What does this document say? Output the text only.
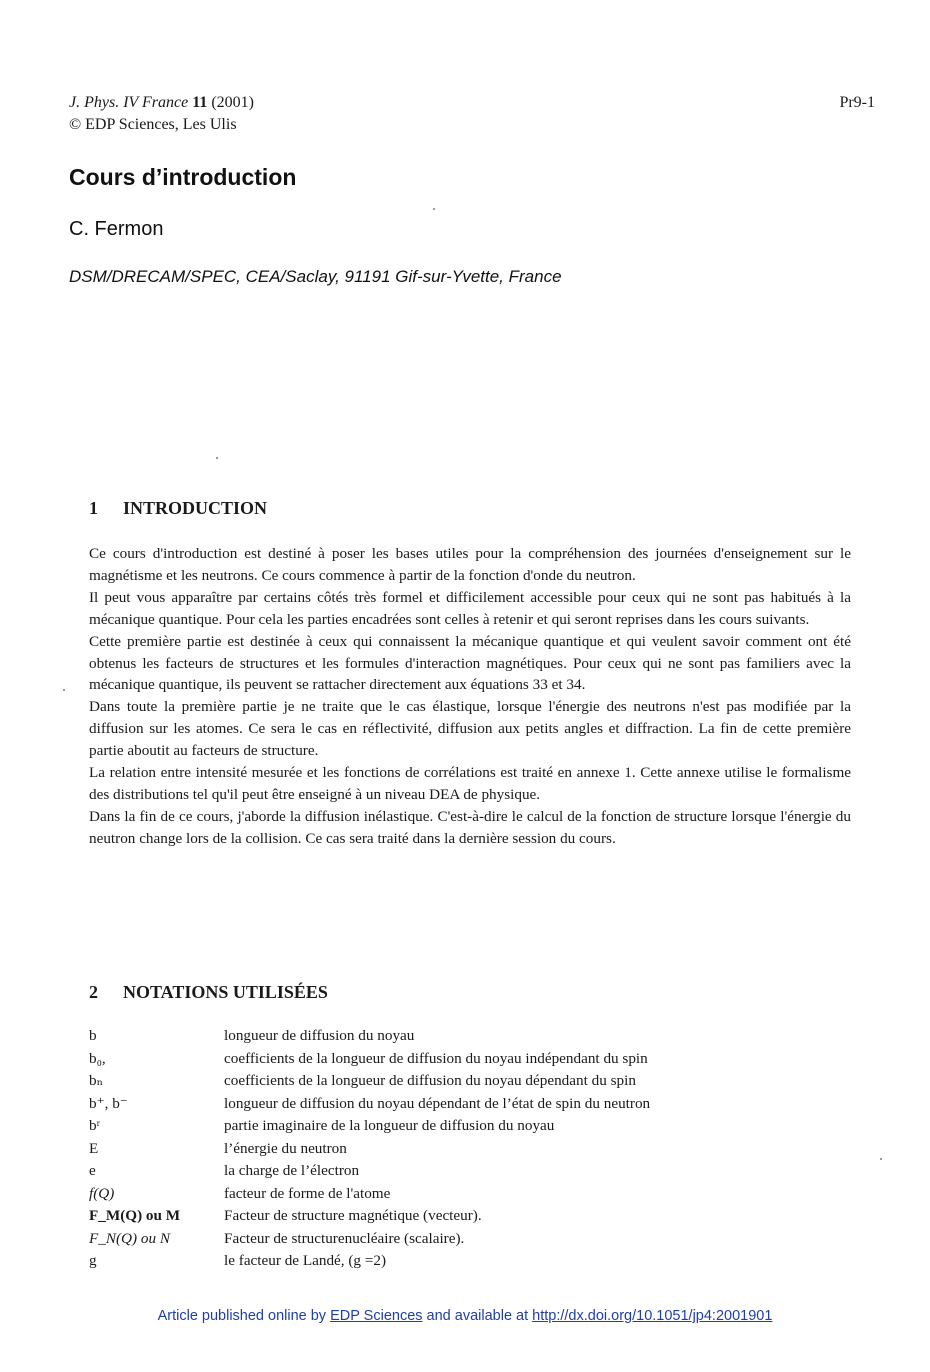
J. Phys. IV France 11 (2001)
© EDP Sciences, Les Ulis
Pr9-1
Cours d’introduction
C. Fermon
DSM/DRECAM/SPEC, CEA/Saclay, 91191 Gif-sur-Yvette, France
1 INTRODUCTION

Ce cours d'introduction est destiné à poser les bases utiles pour la compréhension des journées d'enseignement sur le magnétisme et les neutrons. Ce cours commence à partir de la fonction d'onde du neutron.

Il peut vous apparaître par certains côtés très formel et difficilement accessible pour ceux qui ne sont pas habitués à la mécanique quantique. Pour cela les parties encadrées sont celles à retenir et qui seront reprises dans les cours suivants.

Cette première partie est destinée à ceux qui connaissent la mécanique quantique et qui veulent savoir comment ont été obtenus les facteurs de structures et les formules d'interaction magnétiques. Pour ceux qui ne sont pas familiers avec la mécanique quantique, ils peuvent se rattacher directement aux équations 33 et 34.

Dans toute la première partie je ne traite que le cas élastique, lorsque l'énergie des neutrons n'est pas modifiée par la diffusion sur les atomes. Ce sera le cas en réflectivité, diffusion aux petits angles et diffraction. La fin de cette première partie aboutit au facteurs de structure.

La relation entre intensité mesurée et les fonctions de corrélations est traité en annexe 1. Cette annexe utilise le formalisme des distributions tel qu'il peut être enseigné à un niveau DEA de physique.

Dans la fin de ce cours, j'aborde la diffusion inélastique. C'est-à-dire le calcul de la fonction de structure lorsque l'énergie du neutron change lors de la collision. Ce cas sera traité dans la dernière session du cours.

2 NOTATIONS UTILISÉES
b	longueur de diffusion du noyau
b₀,	coefficients de la longueur de diffusion du noyau indépendant du spin
bₙ	coefficients de la longueur de diffusion du noyau dépendant du spin
b⁺, b⁻	longueur de diffusion du noyau dépendant de l’état de spin du neutron
bʳ	partie imaginaire de la longueur de diffusion du noyau
E	l’énergie du neutron
e	la charge de l’électron
f(Q)	facteur de forme de l'atome
F_M(Q) ou M	Facteur de structure magnétique (vecteur).
F_N(Q) ou N	Facteur de structurenucléaire (scalaire).
g	le facteur de Landé, (g =2)
Article published online by EDP Sciences and available at http://dx.doi.org/10.1051/jp4:2001901
